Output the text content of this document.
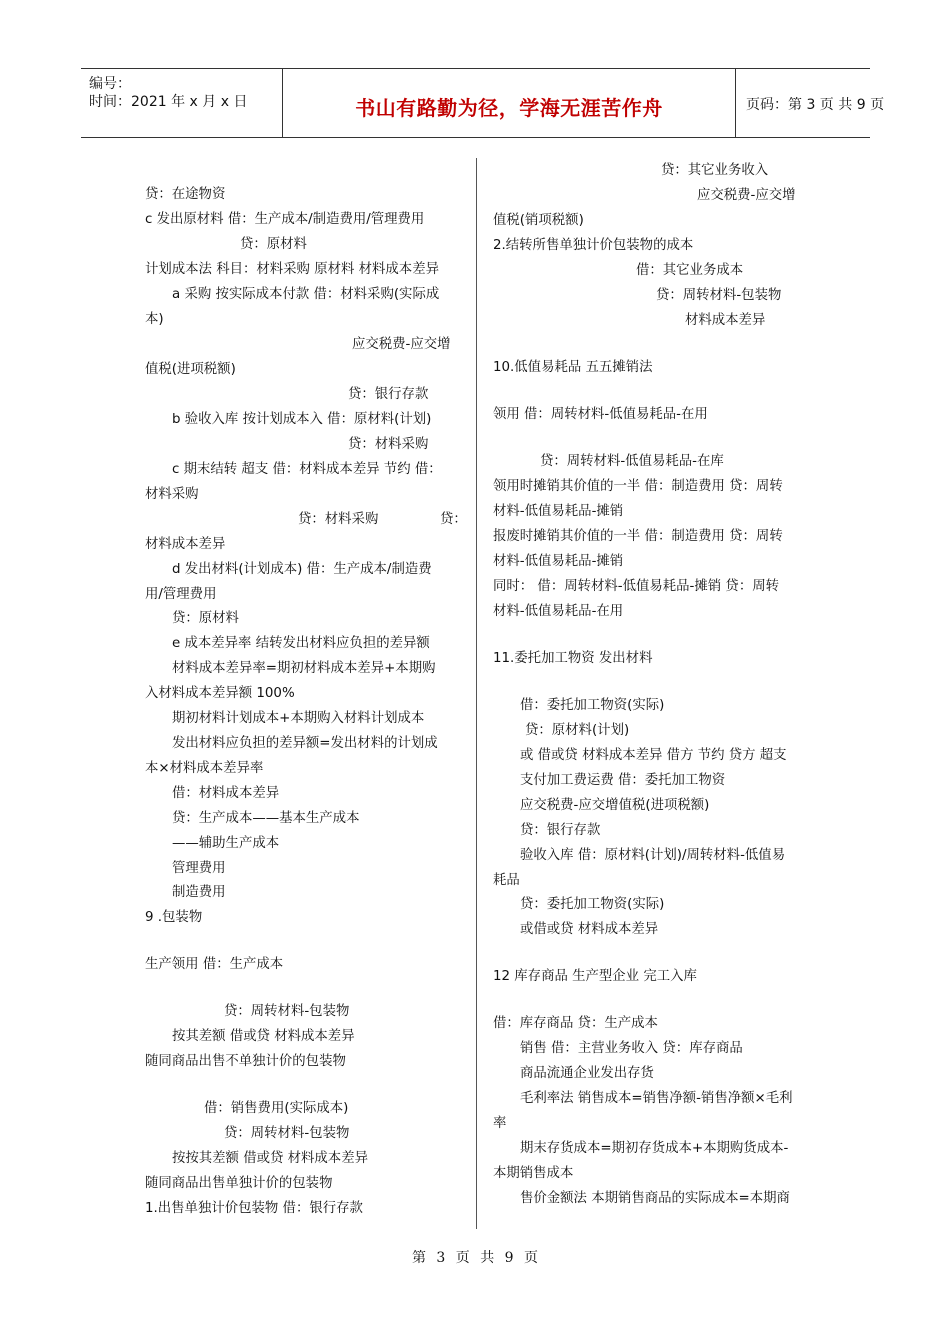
编号：
时间：2021 年 x 月 x 日	书山有路勤为径，学海无涯苦作舟	页码：第 3 页 共 9 页
贷：在途物资
c 发出原材料 借：生产成本/制造费用/管理费用
贷：原材料
计划成本法 科目：材料采购 原材料 材料成本差异
a 采购 按实际成本付款 借：材料采购(实际成
本)
应交税费-应交增
值税(进项税额)
贷：银行存款
b 验收入库 按计划成本入 借：原材料(计划)
贷：材料采购
c 期末结转 超支 借：材料成本差异 节约 借：
材料采购
贷：材料采购	贷：
材料成本差异
d 发出材料(计划成本) 借：生产成本/制造费
用/管理费用
贷：原材料
e 成本差异率 结转发出材料应负担的差异额
材料成本差异率=期初材料成本差异+本期购
入材料成本差异额 100%
期初材料计划成本+本期购入材料计划成本
发出材料应负担的差异额=发出材料的计划成
本×材料成本差异率
借：材料成本差异
贷：生产成本——基本生产成本
——辅助生产成本
管理费用
制造费用
9 .包装物
生产领用 借：生产成本
贷：周转材料-包装物
按其差额 借或贷 材料成本差异
随同商品出售不单独计价的包装物
借：销售费用(实际成本)
贷：周转材料-包装物
按按其差额 借或贷 材料成本差异
随同商品出售单独计价的包装物
1.出售单独计价包装物 借：银行存款
贷：其它业务收入
应交税费-应交增
值税(销项税额)
2.结转所售单独计价包装物的成本
借：其它业务成本
贷：周转材料-包装物
材料成本差异
10.低值易耗品 五五摊销法
领用 借：周转材料-低值易耗品-在用
贷：周转材料-低值易耗品-在库
领用时摊销其价值的一半 借：制造费用 贷：周转
材料-低值易耗品-摊销
报废时摊销其价值的一半 借：制造费用 贷：周转
材料-低值易耗品-摊销
同时： 借：周转材料-低值易耗品-摊销 贷：周转
材料-低值易耗品-在用
11.委托加工物资 发出材料
借：委托加工物资(实际)
贷：原材料(计划)
或 借或贷 材料成本差异 借方 节约 贷方 超支
支付加工费运费 借：委托加工物资
应交税费-应交增值税(进项税额)
贷：银行存款
验收入库 借：原材料(计划)/周转材料-低值易
耗品
贷：委托加工物资(实际)
或借或贷 材料成本差异
12 库存商品 生产型企业 完工入库
借：库存商品 贷：生产成本
销售 借：主营业务收入 贷：库存商品
商品流通企业发出存货
毛利率法 销售成本=销售净额-销售净额×毛利
率
期末存货成本=期初存货成本+本期购货成本-
本期销售成本
售价金额法 本期销售商品的实际成本=本期商
第 3 页 共 9 页
